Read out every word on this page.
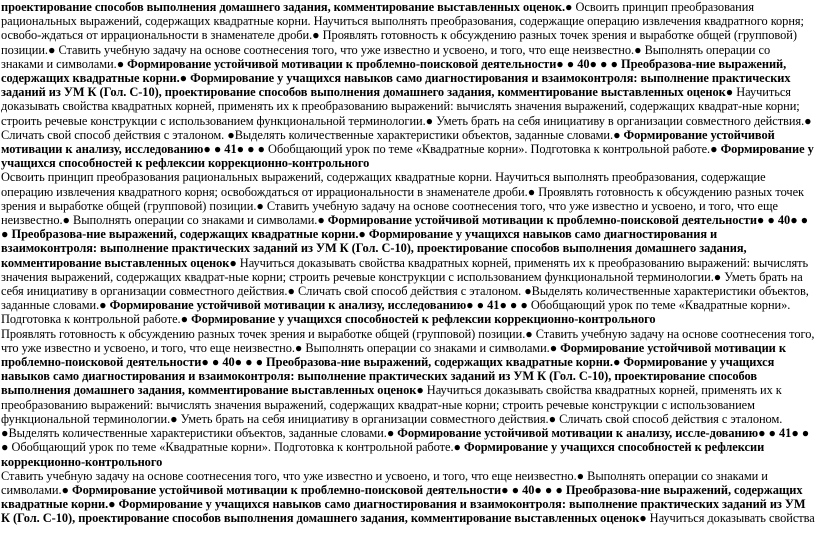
проектирование способов выполнения домашнего задания, комментирование выставленных оценок.● Освоить принцип преобразования рациональных выражений, содержащих квадратные корни. Научиться выполнять преобразования, содержащие операцию извлечения квадратного корня; освобо-ждаться от иррациональности в знаменателе дроби.● Проявлять готовность к обсуждению разных точек зрения и выработке общей (групповой) позиции.● Ставить учебную задачу на основе соотнесения того, что уже известно и усвоено, и того, что еще неизвестно.● Выполнять операции со знаками и символами.● Формирование устойчивой мотивации к проблемно-поисковой деятельности● ● 40● ● ● Преобразова-ние выражений, содержащих квадратные корни.● Формирование у учащихся навыков само диагностирования и взаимоконтроля: выполнение практических заданий из УМ К (Гол. С-10), проектирование способов выполнения домашнего задания, комментирование выставленных оценок● Научиться доказывать свойства квадратных корней, применять их к преобразованию выражений: вычислять значения выражений, содержащих квадрат-ные корни; строить речевые конструкции с использованием функциональной терминологии.● Уметь брать на себя инициативу в организации совместного действия.● Сличать свой способ действия с эталоном. ●Выделять количественные характеристики объектов, заданные словами.● Формирование устойчивой мотивации к анализу, исследованию● ● 41● ● ● Обобщающий урок по теме «Квадратные корни». Подготовка к контрольной работе.● Формирование у учащихся способностей к рефлексии коррекционно-контрольного

Освоить принцип преобразования рациональных выражений, содержащих квадратные корни. Научиться выполнять преобразования, содержащие операцию извлечения квадратного корня; освобождаться от иррациональности в знаменателе дроби.● Проявлять готовность к обсуждению разных точек зрения и выработке общей (групповой) позиции.● Ставить учебную задачу на основе соотнесения того, что уже известно и усвоено, и того, что еще неизвестно.● Выполнять операции со знаками и символами.● Формирование устойчивой мотивации к проблемно-поисковой деятельности● ● 40● ● ● Преобразова-ние выражений, содержащих квадратные корни.● Формирование у учащихся навыков само диагностирования и взаимоконтроля: выполнение практических заданий из УМ К (Гол. С-10), проектирование способов выполнения домашнего задания, комментирование выставленных оценок● Научиться доказывать свойства квадратных корней, применять их к преобразованию выражений: вычислять значения выражений, содержащих квадрат-ные корни; строить речевые конструкции с использованием функциональной терминологии.● Уметь брать на себя инициативу в организации совместного действия.● Сличать свой способ действия с эталоном. ●Выделять количественные характеристики объектов, заданные словами.● Формирование устойчивой мотивации к анализу, исследованию● ● 41● ● ● Обобщающий урок по теме «Квадратные корни». Подготовка к контрольной работе.● Формирование у учащихся способностей к рефлексии коррекционно-контрольного

Проявлять готовность к обсуждению разных точек зрения и выработке общей (групповой) позиции.● Ставить учебную задачу на основе соотнесения того, что уже известно и усвоено, и того, что еще неизвестно.● Выполнять операции со знаками и символами.● Формирование устойчивой мотивации к проблемно-поисковой деятельности● ● 40● ● ● Преобразова-ние выражений, содержащих квадратные корни.● Формирование у учащихся навыков само диагностирования и взаимоконтроля: выполнение практических заданий из УМ К (Гол. С-10), проектирование способов выполнения домашнего задания, комментирование выставленных оценок● Научиться доказывать свойства квадратных корней, применять их к преобразованию выражений: вычислять значения выражений, содержащих квадрат-ные корни; строить речевые конструкции с использованием функциональной терминологии.● Уметь брать на себя инициативу в организации совместного действия.● Сличать свой способ действия с эталоном. ●Выделять количественные характеристики объектов, заданные словами.● Формирование устойчивой мотивации к анализу, иссле-дованию● ● 41● ● ● Обобщающий урок по теме «Квадратные корни». Подготовка к контрольной работе.● Формирование у учащихся способностей к рефлексии коррекционно-контрольного

Ставить учебную задачу на основе соотнесения того, что уже известно и усвоено, и того, что еще неизвестно.● Выполнять операции со знаками и символами.● Формирование устойчивой мотивации к проблемно-поисковой деятельности● ● 40● ● ● Преобразова-ние выражений, содержащих квадратные корни.● Формирование у учащихся навыков само диагностирования и взаимоконтроля: выполнение практических заданий из УМ К (Гол. С-10), проектирование способов выполнения домашнего задания, комментирование выставленных оценок● Научиться доказывать свойства
